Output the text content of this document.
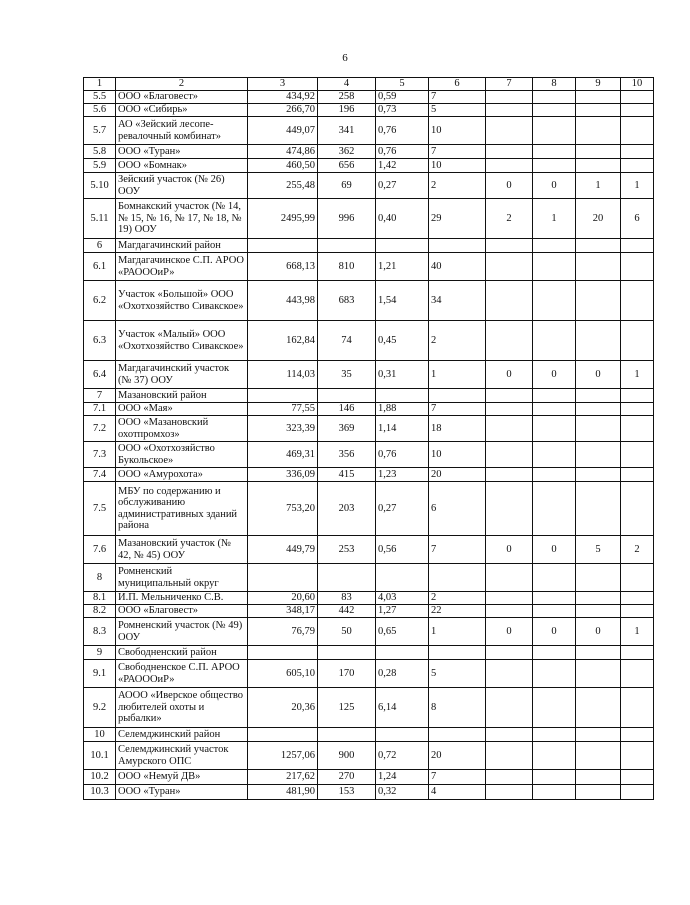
6
1	2	3	4	5	6	7	8	9	10
5.5	ООО «Благовест»	434,92	258	0,59	7				
5.6	ООО «Сибирь»	266,70	196	0,73	5				
5.7	АО «Зейский лесопе-ревалочный комбинат»	449,07	341	0,76	10				
5.8	ООО «Туран»	474,86	362	0,76	7				
5.9	ООО «Бомнак»	460,50	656	1,42	10				
5.10	Зейский участок (№ 26) ООУ	255,48	69	0,27	2	0	0	1	1
5.11	Бомнакский участок (№ 14, № 15, № 16, № 17, № 18, № 19) ООУ	2495,99	996	0,40	29	2	1	20	6
6	Магдагачинский район								
6.1	Магдагачинское С.П. АРОО «РАОООиР»	668,13	810	1,21	40				
6.2	Участок «Большой» ООО «Охотхозяйство Сивакское»	443,98	683	1,54	34				
6.3	Участок «Малый» ООО «Охотхозяйство Сивакское»	162,84	74	0,45	2				
6.4	Магдагачинский участок (№ 37) ООУ	114,03	35	0,31	1	0	0	0	1
7	Мазановский район								
7.1	ООО «Мая»	77,55	146	1,88	7				
7.2	ООО «Мазановский охотпромхоз»	323,39	369	1,14	18				
7.3	ООО «Охотхозяйство Букольское»	469,31	356	0,76	10				
7.4	ООО «Амурохота»	336,09	415	1,23	20				
7.5	МБУ по содержанию и обслуживанию административных зданий района	753,20	203	0,27	6				
7.6	Мазановский участок (№ 42, № 45) ООУ	449,79	253	0,56	7	0	0	5	2
8	Ромненский муниципальный округ								
8.1	И.П. Мельниченко С.В.	20,60	83	4,03	2				
8.2	ООО «Благовест»	348,17	442	1,27	22				
8.3	Ромненский участок (№ 49) ООУ	76,79	50	0,65	1	0	0	0	1
9	Свободненский район								
9.1	Свободненское С.П. АРОО «РАОООиР»	605,10	170	0,28	5				
9.2	АООО «Иверское общество любителей охоты и рыбалки»	20,36	125	6,14	8				
10	Селемджинский район								
10.1	Селемджинский участок Амурского ОПС	1257,06	900	0,72	20				
10.2	ООО «Немуй ДВ»	217,62	270	1,24	7				
10.3	ООО «Туран»	481,90	153	0,32	4				
